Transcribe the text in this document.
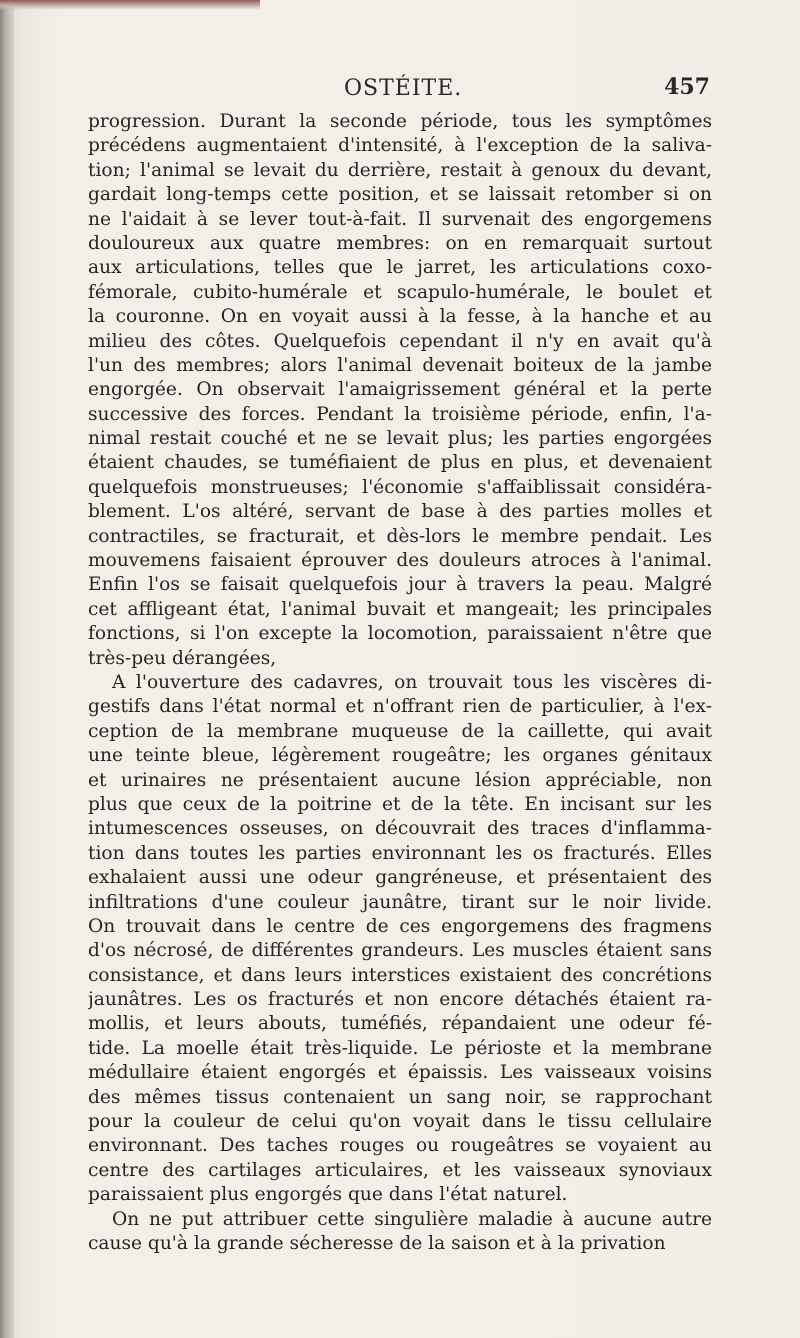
OSTÉITE.	457
progression. Durant la seconde période, tous les symptômes
précédens augmentaient d'intensité, à l'exception de la saliva-
tion; l'animal se levait du derrière, restait à genoux du devant,
gardait long-temps cette position, et se laissait retomber si on
ne l'aidait à se lever tout-à-fait. Il survenait des engorgemens
douloureux aux quatre membres: on en remarquait surtout
aux articulations, telles que le jarret, les articulations coxo-
fémorale, cubito-humérale et scapulo-humérale, le boulet et
la couronne. On en voyait aussi à la fesse, à la hanche et au
milieu des côtes. Quelquefois cependant il n'y en avait qu'à
l'un des membres; alors l'animal devenait boiteux de la jambe
engorgée. On observait l'amaigrissement général et la perte
successive des forces. Pendant la troisième période, enfin, l'a-
nimal restait couché et ne se levait plus; les parties engorgées
étaient chaudes, se tuméfiaient de plus en plus, et devenaient
quelquefois monstrueuses; l'économie s'affaiblissait considéra-
blement. L'os altéré, servant de base à des parties molles et
contractiles, se fracturait, et dès-lors le membre pendait. Les
mouvemens faisaient éprouver des douleurs atroces à l'animal.
Enfin l'os se faisait quelquefois jour à travers la peau. Malgré
cet affligeant état, l'animal buvait et mangeait; les principales
fonctions, si l'on excepte la locomotion, paraissaient n'être que
très-peu dérangées,
A l'ouverture des cadavres, on trouvait tous les viscères di-
gestifs dans l'état normal et n'offrant rien de particulier, à l'ex-
ception de la membrane muqueuse de la caillette, qui avait
une teinte bleue, légèrement rougeâtre; les organes génitaux
et urinaires ne présentaient aucune lésion appréciable, non
plus que ceux de la poitrine et de la tête. En incisant sur les
intumescences osseuses, on découvrait des traces d'inflamma-
tion dans toutes les parties environnant les os fracturés. Elles
exhalaient aussi une odeur gangréneuse, et présentaient des
infiltrations d'une couleur jaunâtre, tirant sur le noir livide.
On trouvait dans le centre de ces engorgemens des fragmens
d'os nécrosé, de différentes grandeurs. Les muscles étaient sans
consistance, et dans leurs interstices existaient des concrétions
jaunâtres. Les os fracturés et non encore détachés étaient ra-
mollis, et leurs abouts, tuméfiés, répandaient une odeur fé-
tide. La moelle était très-liquide. Le périoste et la membrane
médullaire étaient engorgés et épaissis. Les vaisseaux voisins
des mêmes tissus contenaient un sang noir, se rapprochant
pour la couleur de celui qu'on voyait dans le tissu cellulaire
environnant. Des taches rouges ou rougeâtres se voyaient au
centre des cartilages articulaires, et les vaisseaux synoviaux
paraissaient plus engorgés que dans l'état naturel.
On ne put attribuer cette singulière maladie à aucune autre
cause qu'à la grande sécheresse de la saison et à la privation
